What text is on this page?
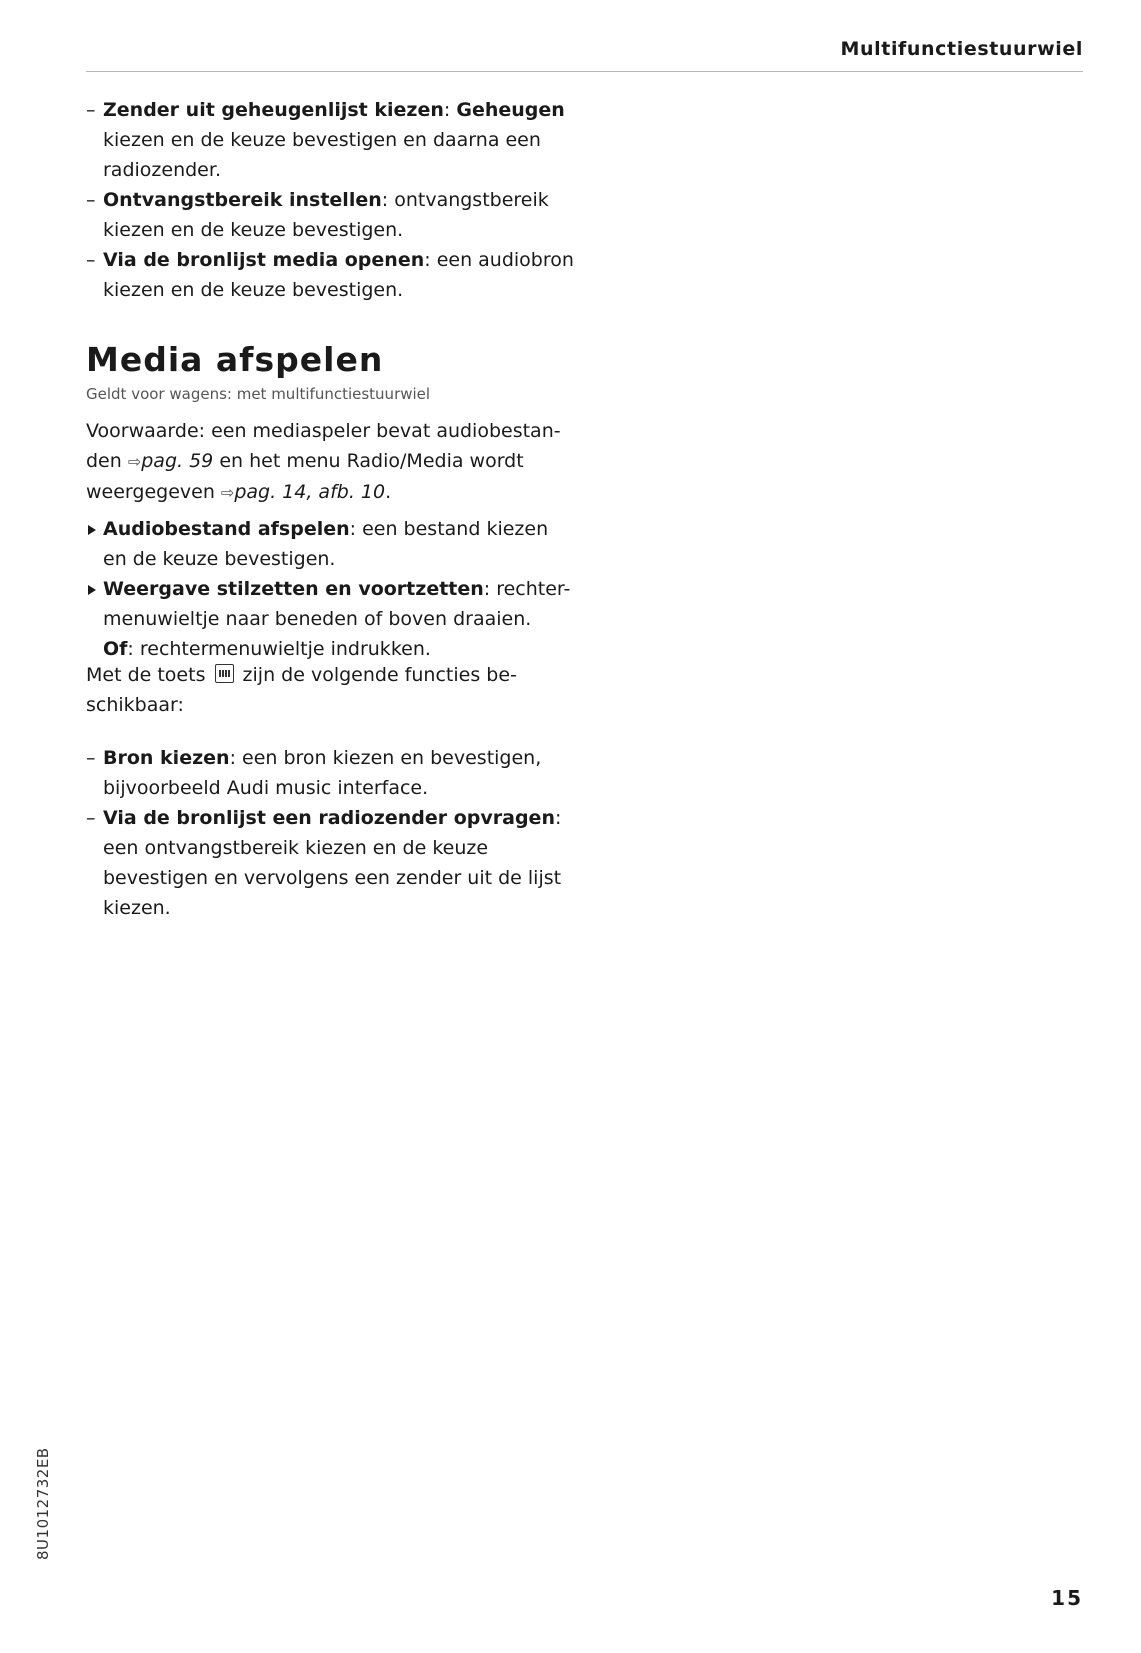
Multifunctiestuurwiel
– Zender uit geheugenlijst kiezen: Geheugen kiezen en de keuze bevestigen en daarna een radiozender.
– Ontvangstbereik instellen: ontvangstbereik kiezen en de keuze bevestigen.
– Via de bronlijst media openen: een audiobron kiezen en de keuze bevestigen.
Media afspelen
Geldt voor wagens: met multifunctiestuurwiel
Voorwaarde: een mediaspeler bevat audiobestan-den ⇨pag. 59 en het menu Radio/Media wordt weergegeven ⇨pag. 14, afb. 10.
Audiobestand afspelen: een bestand kiezen en de keuze bevestigen.
Weergave stilzetten en voortzetten: rechter-menuwieltje naar beneden of boven draaien.
Of: rechtermenuwieltje indrukken.
Met de toets  zijn de volgende functies be-schikbaar:
– Bron kiezen: een bron kiezen en bevestigen, bijvoorbeeld Audi music interface.
– Via de bronlijst een radiozender opvragen: een ontvangstbereik kiezen en de keuze bevestigen en vervolgens een zender uit de lijst kiezen.
8U1012732EB
15
